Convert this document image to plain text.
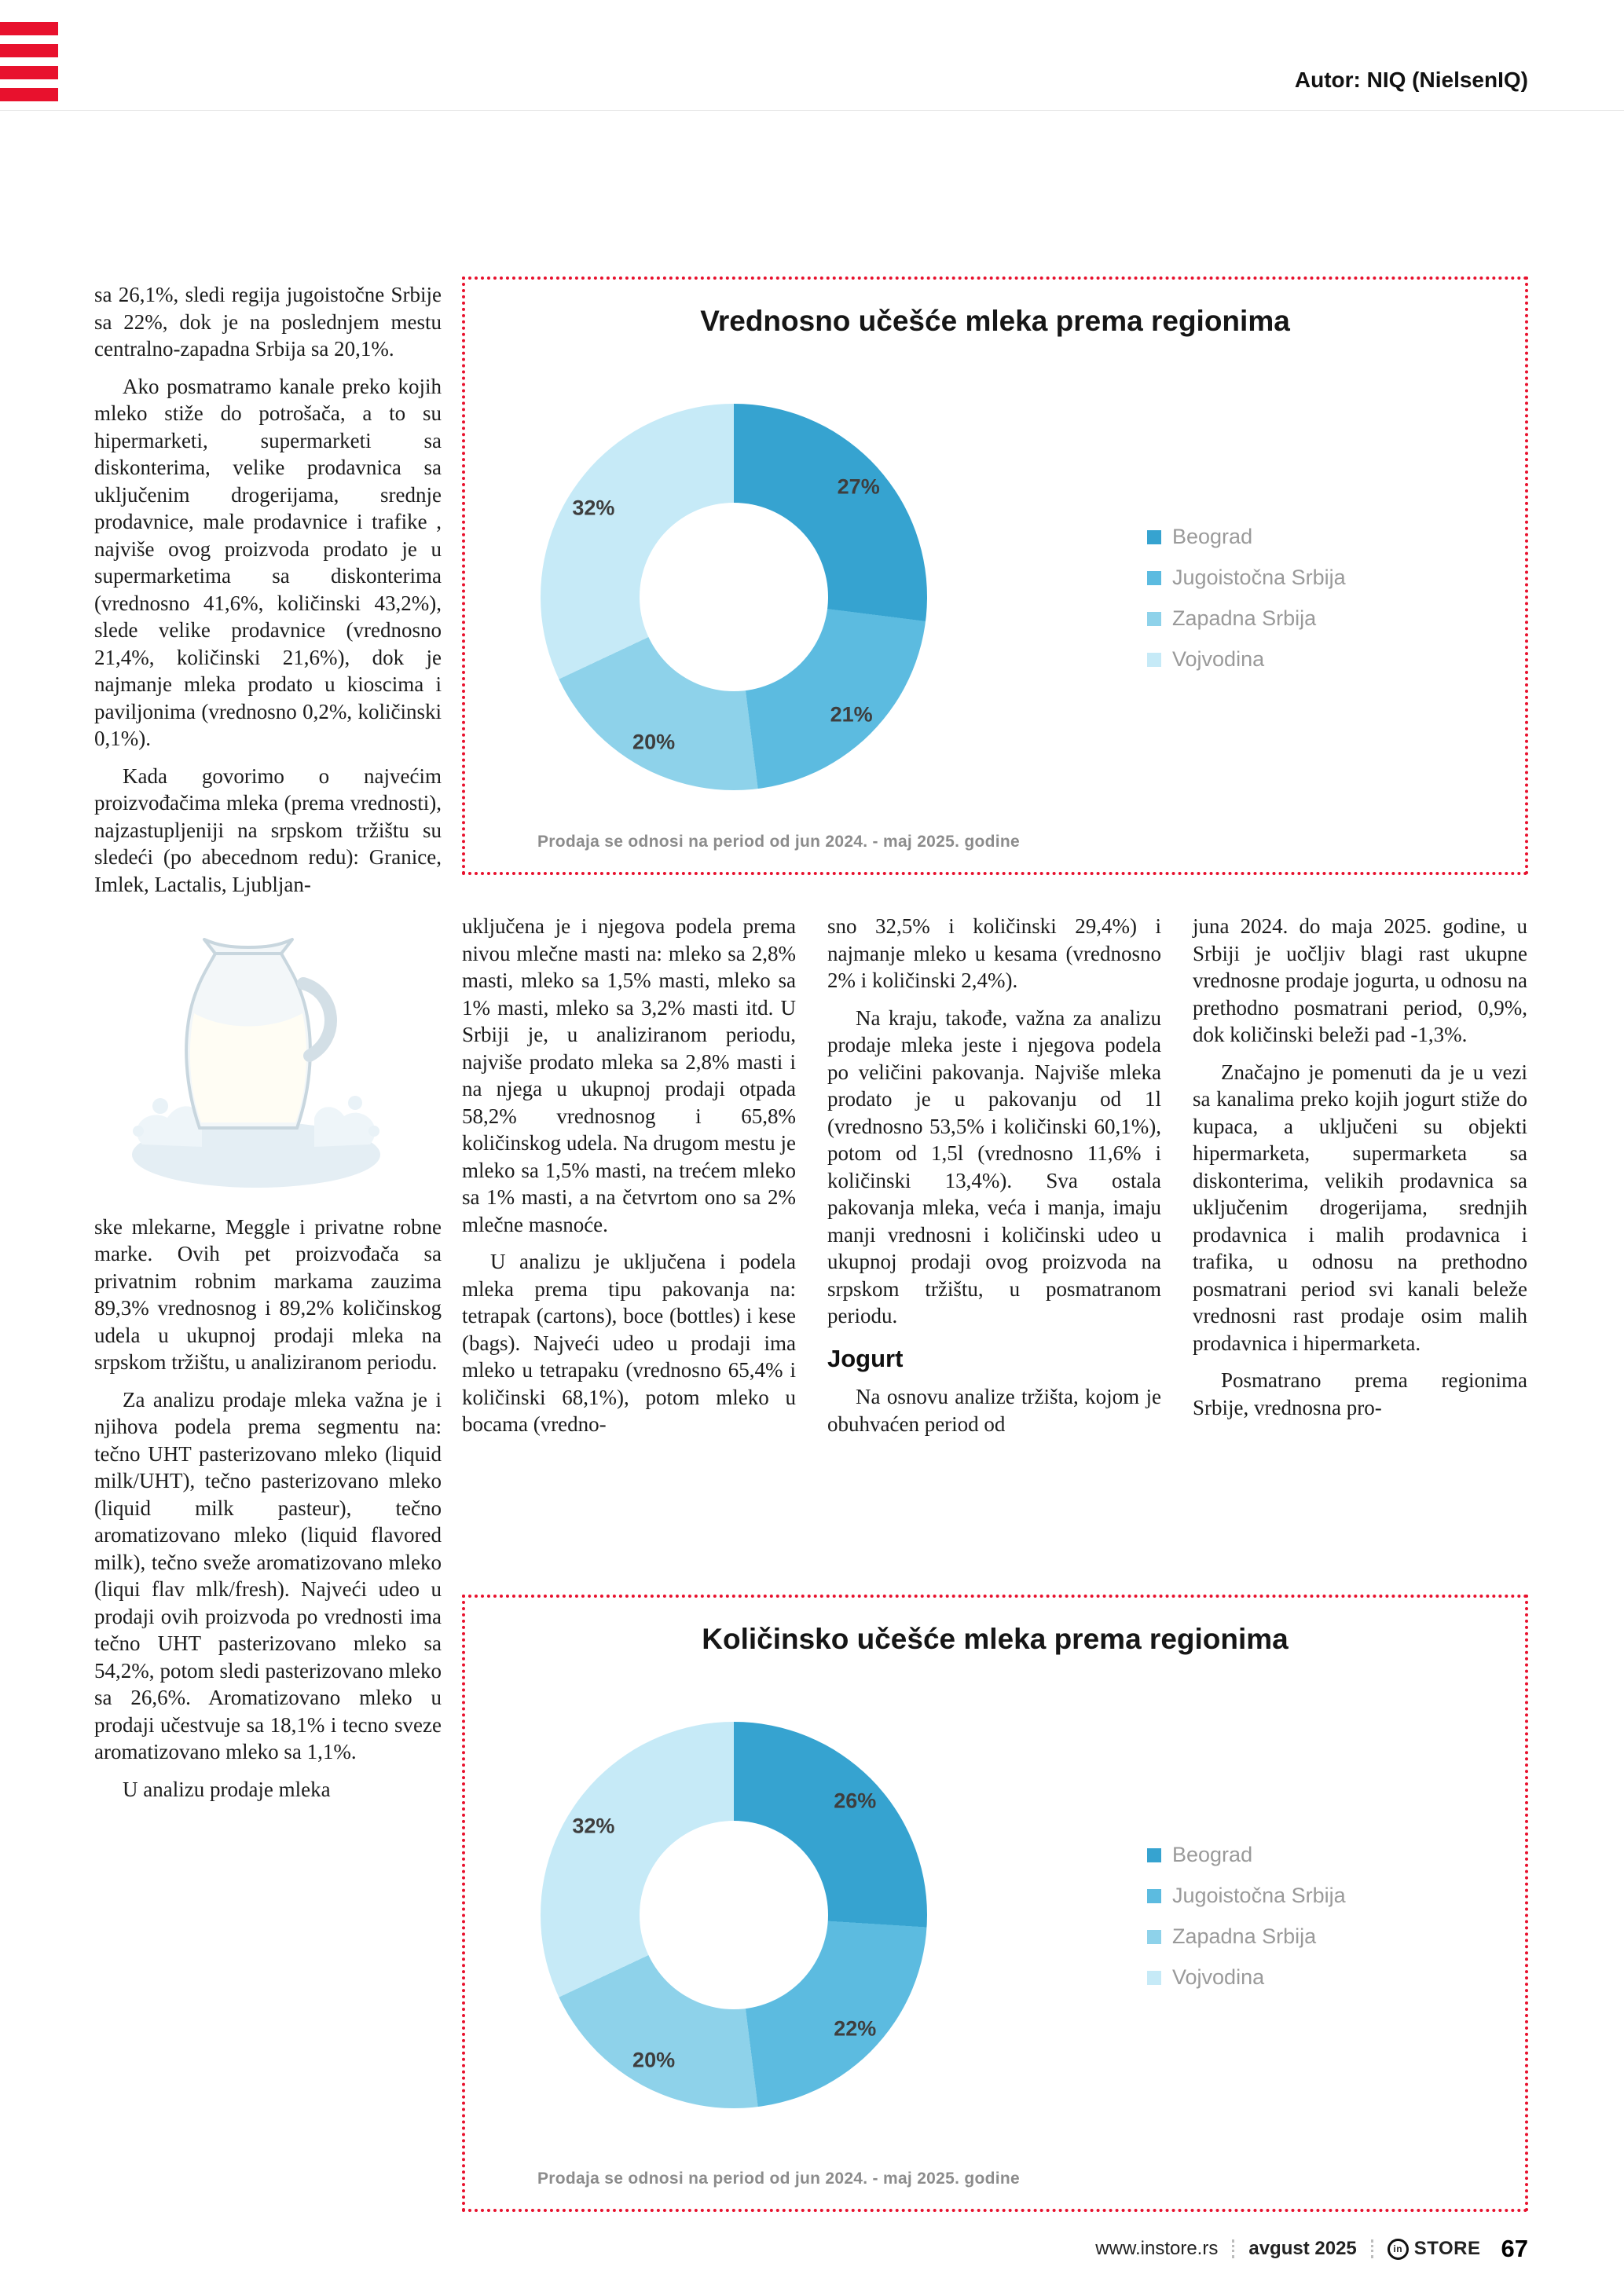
Autor: NIQ (NielsenIQ)

sa 26,1%, sledi regija jugoistočne Srbije sa 22%, dok je na poslednjem mestu centralno-zapadna Srbija sa 20,1%.

Ako posmatramo kanale preko kojih mleko stiže do potrošača, a to su hipermarketi, supermarketi sa diskonterima, velike prodavnica sa uključenim drogerijama, srednje prodavnice, male prodavnice i trafike , najviše ovog proizvoda prodato je u supermarketima sa diskonterima (vrednosno 41,6%, količinski 43,2%), slede velike prodavnice (vrednosno 21,4%, količinski 21,6%), dok je najmanje mleka prodato u kioscima i paviljonima (vrednosno 0,2%, količinski 0,1%).

Kada govorimo o najvećim proizvođačima mleka (prema vrednosti), najzastupljeniji na srpskom tržištu su sledeći (po abecednom redu): Granice, Imlek, Lactalis, Ljubljan-

ske mlekarne, Meggle i privatne robne marke. Ovih pet proizvođača sa privatnim robnim markama zauzima 89,3% vrednosnog i 89,2% količinskog udela u ukupnoj prodaji mleka na srpskom tržištu, u analiziranom periodu.

Za analizu prodaje mleka važna je i njihova podela prema segmentu na: tečno UHT pasterizovano mleko (liquid milk/UHT), tečno pasterizovano mleko (liquid milk pasteur), tečno aromatizovano mleko (liquid flavored milk), tečno sveže aromatizovano mleko (liqui flav mlk/fresh). Najveći udeo u prodaji ovih proizvoda po vrednosti ima tečno UHT pasterizovano mleko sa 54,2%, potom sledi pasterizovano mleko sa 26,6%. Aromatizovano mleko u prodaji učestvuje sa 18,1% i tecno sveze aromatizovano mleko sa 1,1%.

U analizu prodaje mleka

Vrednosno učešće mleka prema regionima
27%
21%
20%
32%
Beograd
Jugoistočna Srbija
Zapadna Srbija
Vojvodina

Prodaja se odnosi na period od jun 2024. - maj 2025. godine

uključena je i njegova podela prema nivou mlečne masti na: mleko sa 2,8% masti, mleko sa 1,5% masti, mleko sa 1% masti, mleko sa 3,2% masti itd. U Srbiji je, u analiziranom periodu, najviše prodato mleka sa 2,8% masti i na njega u ukupnoj prodaji otpada 58,2% vrednosnog i 65,8% količinskog udela. Na drugom mestu je mleko sa 1,5% masti, na trećem mleko sa 1% masti, a na četvrtom ono sa 2% mlečne masnoće.

U analizu je uključena i podela mleka prema tipu pakovanja na: tetrapak (cartons), boce (bottles) i kese (bags). Najveći udeo u prodaji ima mleko u tetrapaku (vrednosno 65,4% i količinski 68,1%), potom mleko u bocama (vredno-

sno 32,5% i količinski 29,4%) i najmanje mleko u kesama (vrednosno 2% i količinski 2,4%).

Na kraju, takođe, važna za analizu prodaje mleka jeste i njegova podela po veličini pakovanja. Najviše mleka prodato je u pakovanju od 1l (vrednosno 53,5% i količinski 60,1%), potom od 1,5l (vrednosno 11,6% i količinski 13,4%). Sva ostala pakovanja mleka, veća i manja, imaju manji vrednosni i količinski udeo u ukupnoj prodaji ovog proizvoda na srpskom tržištu, u posmatranom periodu.

Jogurt

Na osnovu analize tržišta, kojom je obuhvaćen period od

juna 2024. do maja 2025. godine, u Srbiji je uočljiv blagi rast ukupne vrednosne prodaje jogurta, u odnosu na prethodno posmatrani period, 0,9%, dok količinski beleži pad -1,3%.

Značajno je pomenuti da je u vezi sa kanalima preko kojih jogurt stiže do kupaca, a uključeni su objekti hipermarketa, supermarketa sa diskonterima, velikih prodavnica sa uključenim drogerijama, srednjih prodavnica i malih prodavnica i trafika, u odnosu na prethodno posmatrani period svi kanali beleže vrednosni rast prodaje osim malih prodavnica i hipermarketa.

Posmatrano prema regionima Srbije, vrednosna pro-

Količinsko učešće mleka prema regionima
26%
22%
20%
32%
Beograd
Jugoistočna Srbija
Zapadna Srbija
Vojvodina

Prodaja se odnosi na period od jun 2024. - maj 2025. godine

www.instore.rs avgust 2025	in STORE 67
